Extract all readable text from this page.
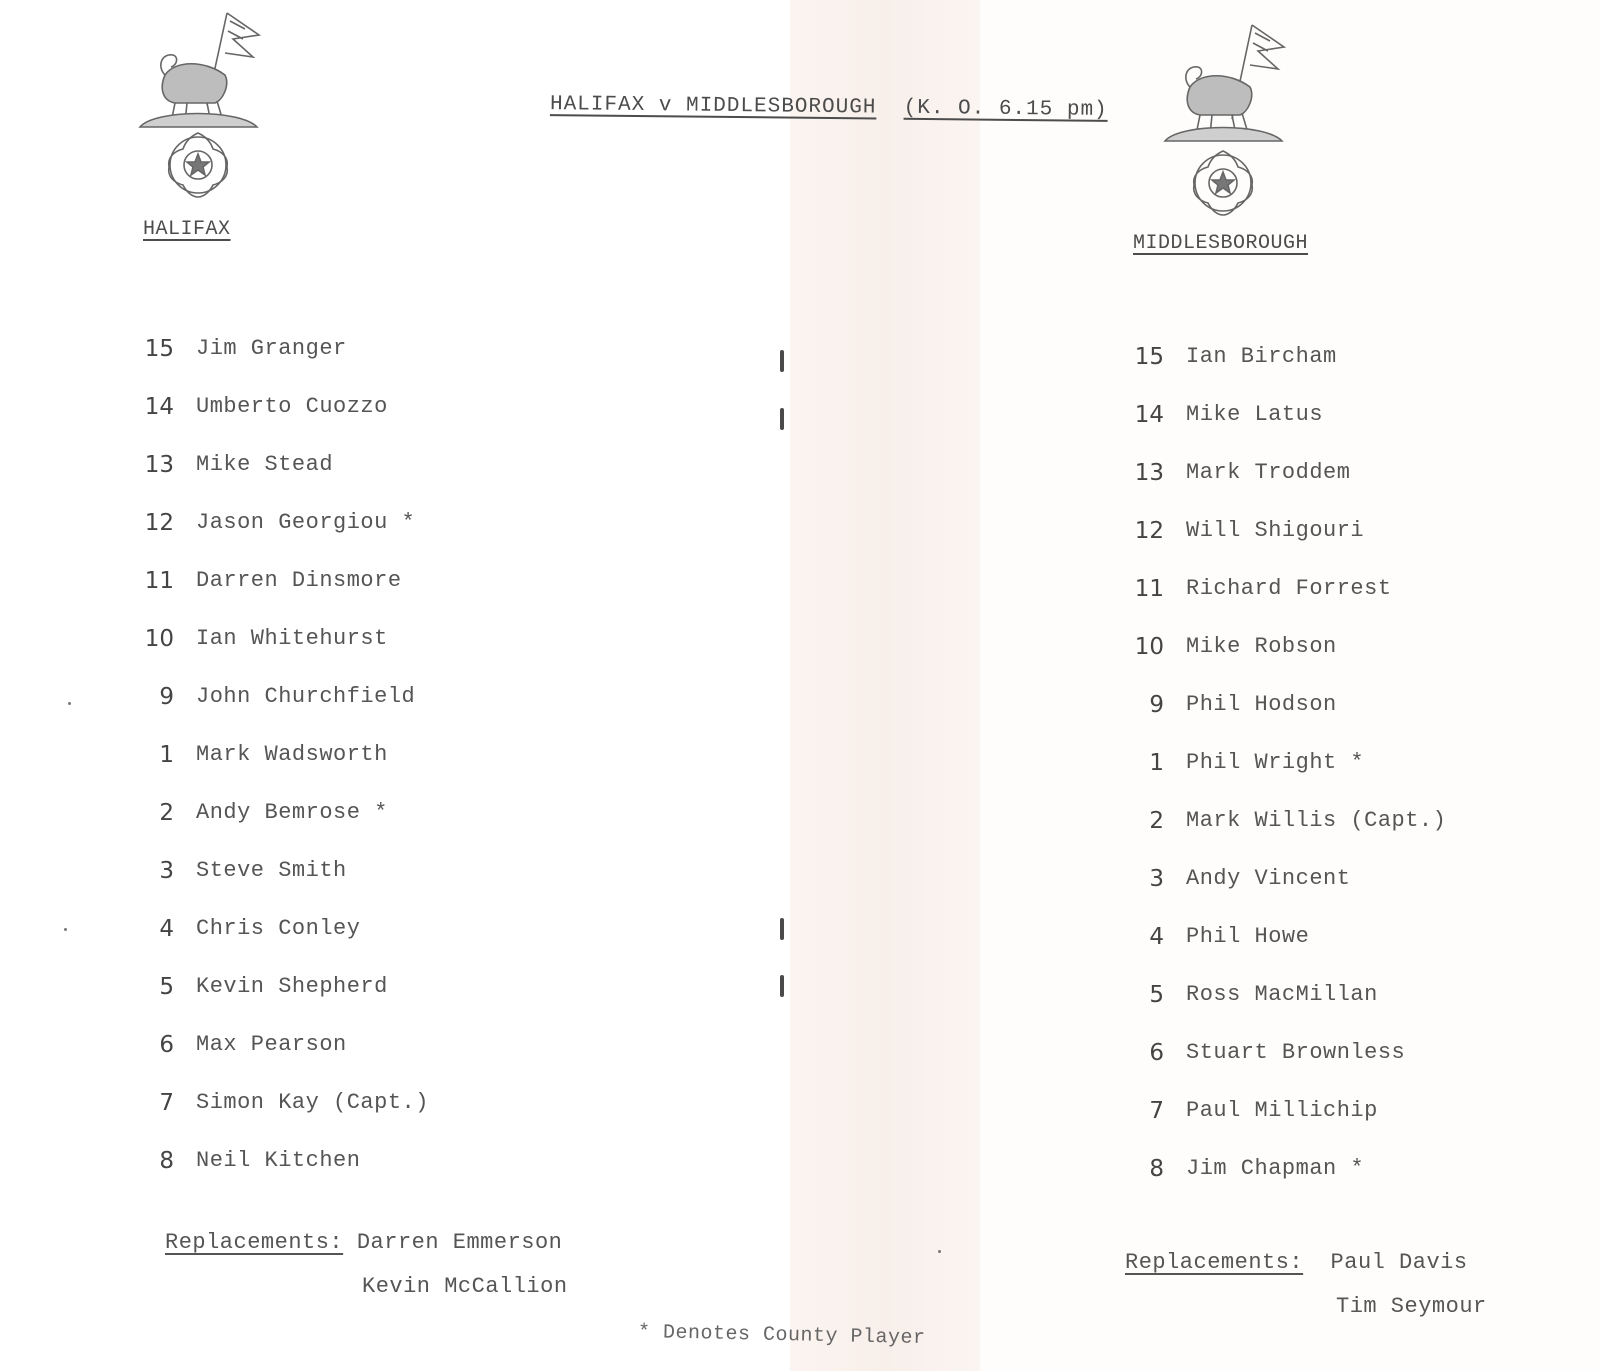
HALIFAX v MIDDLESBOROUGH (K. O. 6.15 pm)
HALIFAX
MIDDLESBOROUGH
15 Jim Granger
14 Umberto Cuozzo
13 Mike Stead
12 Jason Georgiou *
11 Darren Dinsmore
10 Ian Whitehurst
9 John Churchfield
1 Mark Wadsworth
2 Andy Bemrose *
3 Steve Smith
4 Chris Conley
5 Kevin Shepherd
6 Max Pearson
7 Simon Kay (Capt.)
8 Neil Kitchen
15 Ian Bircham
14 Mike Latus
13 Mark Troddem
12 Will Shigouri
11 Richard Forrest
10 Mike Robson
9 Phil Hodson
1 Phil Wright *
2 Mark Willis (Capt.)
3 Andy Vincent
4 Phil Howe
5 Ross MacMillan
6 Stuart Brownless
7 Paul Millichip
8 Jim Chapman *
Replacements: Darren Emmerson
Kevin McCallion
Replacements: Paul Davis
Tim Seymour
* Denotes County Player
